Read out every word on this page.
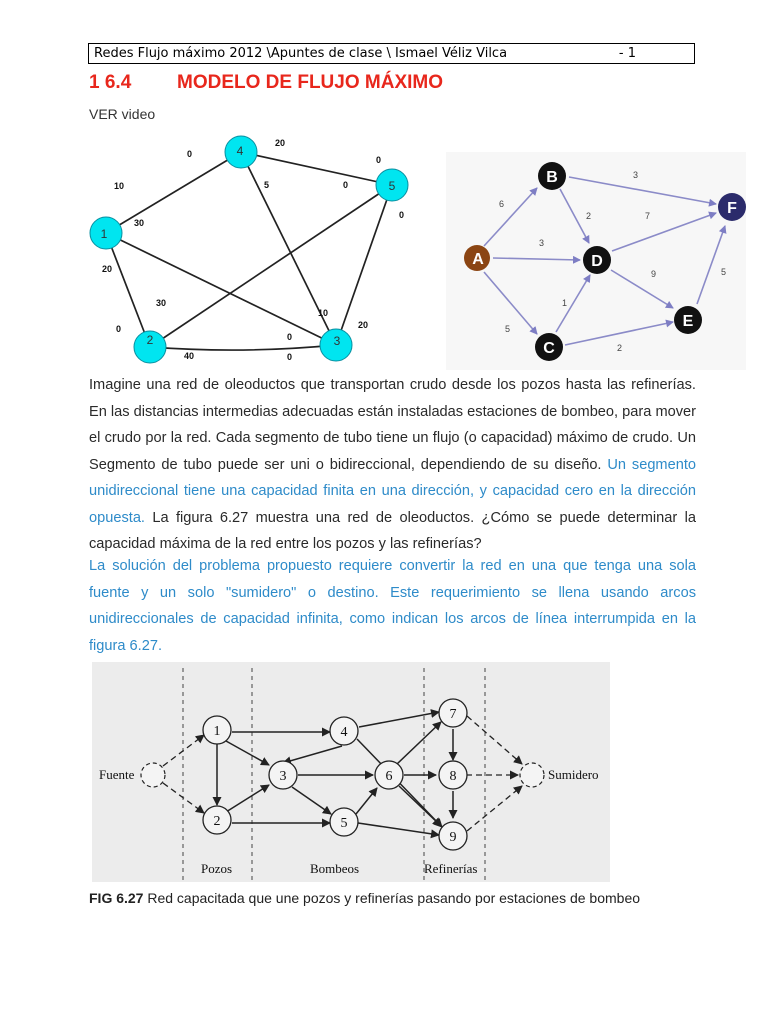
Redes Flujo máximo 2012 \Apuntes de clase \ Ismael Véliz Vilca	- 1
1 6.4 MODELO DE FLUJO MÁXIMO
VER video
10
0
20
0
5	0
0
30
20
0
30
10
20
0
0
40
1
2	3
4
5
6
3
5
3
2	7
1
9
2
5
A
B
C
D
E
F
Imagine una red de oleoductos que transportan crudo desde los pozos hasta las refinerías. En las distancias intermedias adecuadas están instaladas estaciones de bombeo, para mover el crudo por la red. Cada segmento de tubo tiene un flujo (o capacidad) máximo de crudo. Un Segmento de tubo puede ser uni o bidireccional, dependiendo de su diseño. Un segmento unidireccional tiene una capacidad finita en una dirección, y capacidad cero en la dirección opuesta. La figura 6.27 muestra una red de oleoductos. ¿Cómo se puede determinar la capacidad máxima de la red entre los pozos y las refinerías?
La solución del problema propuesto requiere convertir la red en una que tenga una sola fuente y un solo "sumidero" o destino. Este requerimiento se llena usando arcos unidireccionales de capacidad infinita, como indican los arcos de línea interrumpida en la figura 6.27.
1
2
3
4
5
6
7
8
9
Fuente	Sumidero
Pozos	Bombeos	Refinerías
FIG 6.27 Red capacitada que une pozos y refinerías pasando por estaciones de bombeo
